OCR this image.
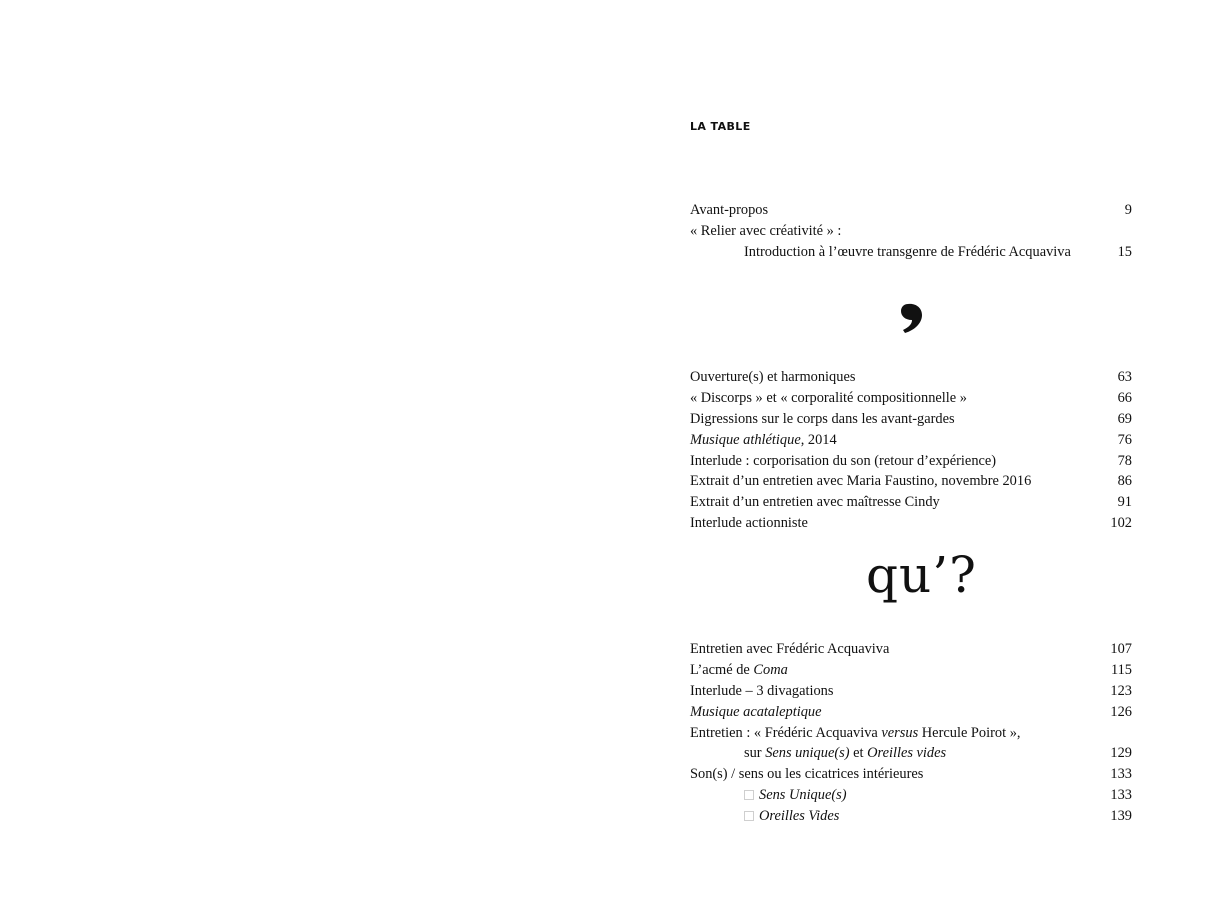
LA TABLE
Avant-propos	9
« Relier avec créativité » :
Introduction à l’œuvre transgenre de Frédéric Acquaviva	15
Ouverture(s) et harmoniques	63
« Discorps » et « corporalité compositionnelle »	66
Digressions sur le corps dans les avant-gardes	69
Musique athlétique, 2014	76
Interlude : corporisation du son (retour d’expérience)	78
Extrait d’un entretien avec Maria Faustino, novembre 2016	86
Extrait d’un entretien avec maîtresse Cindy	91
Interlude actionniste	102
qu’?
Entretien avec Frédéric Acquaviva	107
L’acmé de Coma	115
Interlude – 3 divagations	123
Musique acataleptique	126
Entretien : « Frédéric Acquaviva versus Hercule Poirot »,
sur Sens unique(s) et Oreilles vides	129
Son(s) / sens ou les cicatrices intérieures	133
Sens Unique(s)	133
Oreilles Vides	139
